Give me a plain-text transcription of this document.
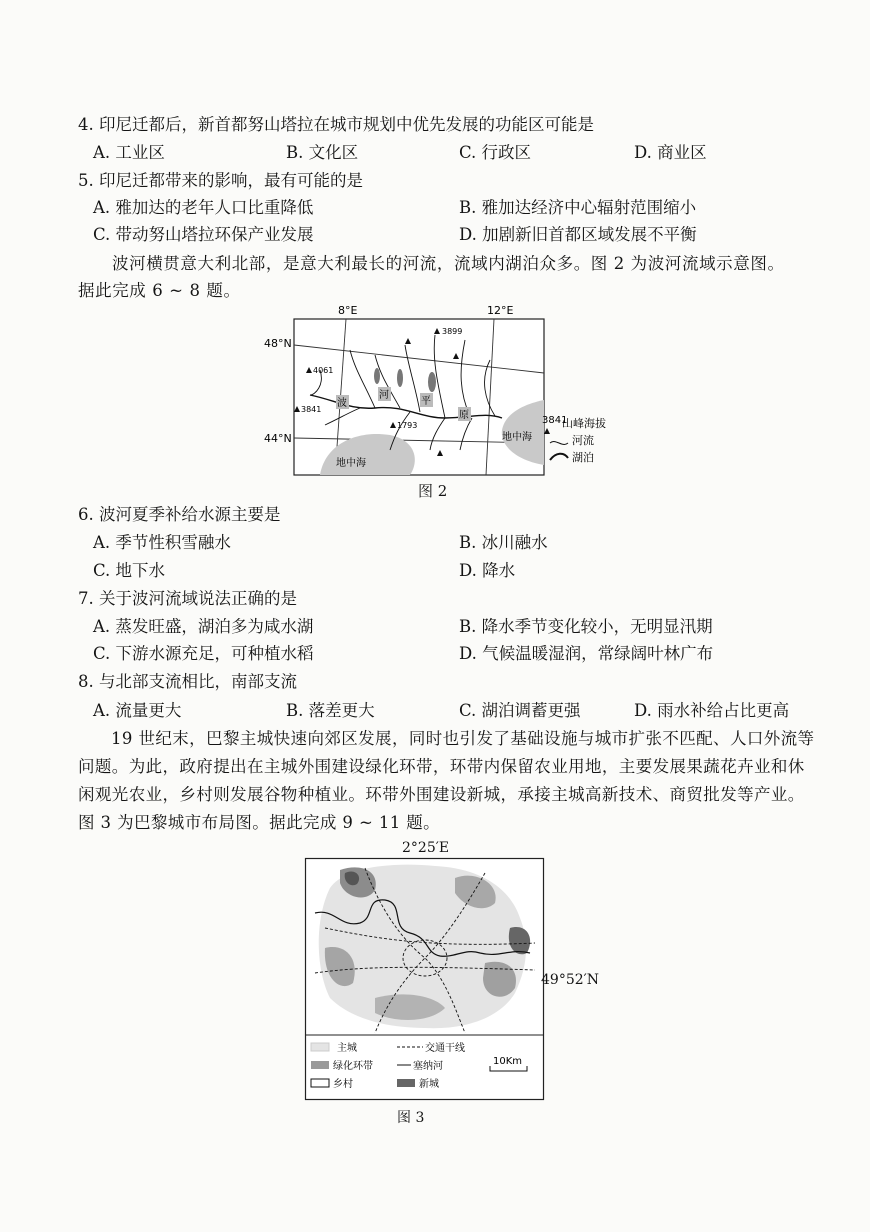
4. 印尼迁都后，新首都努山塔拉在城市规划中优先发展的功能区可能是
A. 工业区	B. 文化区	C. 行政区	D. 商业区
5. 印尼迁都带来的影响，最有可能的是
A. 雅加达的老年人口比重降低	B. 雅加达经济中心辐射范围缩小
C. 带动努山塔拉环保产业发展	D. 加剧新旧首都区域发展不平衡
波河横贯意大利北部，是意大利最长的河流，流域内湖泊众多。图 2 为波河流域示意图。
据此完成 6 ~ 8 题。
8°E	12°E
48°N
44°N
地中海
地中海
波
河
平
原
3899
4061
3841
1793	3841
山峰海拔
河流
湖泊
图 2
6. 波河夏季补给水源主要是
A. 季节性积雪融水	B. 冰川融水
C. 地下水	D. 降水
7. 关于波河流域说法正确的是
A. 蒸发旺盛，湖泊多为咸水湖	B. 降水季节变化较小，无明显汛期
C. 下游水源充足，可种植水稻	D. 气候温暖湿润，常绿阔叶林广布
8. 与北部支流相比，南部支流
A. 流量更大	B. 落差更大	C. 湖泊调蓄更强	D. 雨水补给占比更高
19 世纪末，巴黎主城快速向郊区发展，同时也引发了基础设施与城市扩张不匹配、人口外流等问题。为此，政府提出在主城外围建设绿化环带，环带内保留农业用地，主要发展果蔬花卉业和休闲观光农业，乡村则发展谷物种植业。环带外围建设新城，承接主城高新技术、商贸批发等产业。图 3 为巴黎城市布局图。据此完成 9 ~ 11 题。
2°25′E
主城	交通干线
绿化环带	塞纳河
乡村	新城
10Km
49°52′N
图 3
